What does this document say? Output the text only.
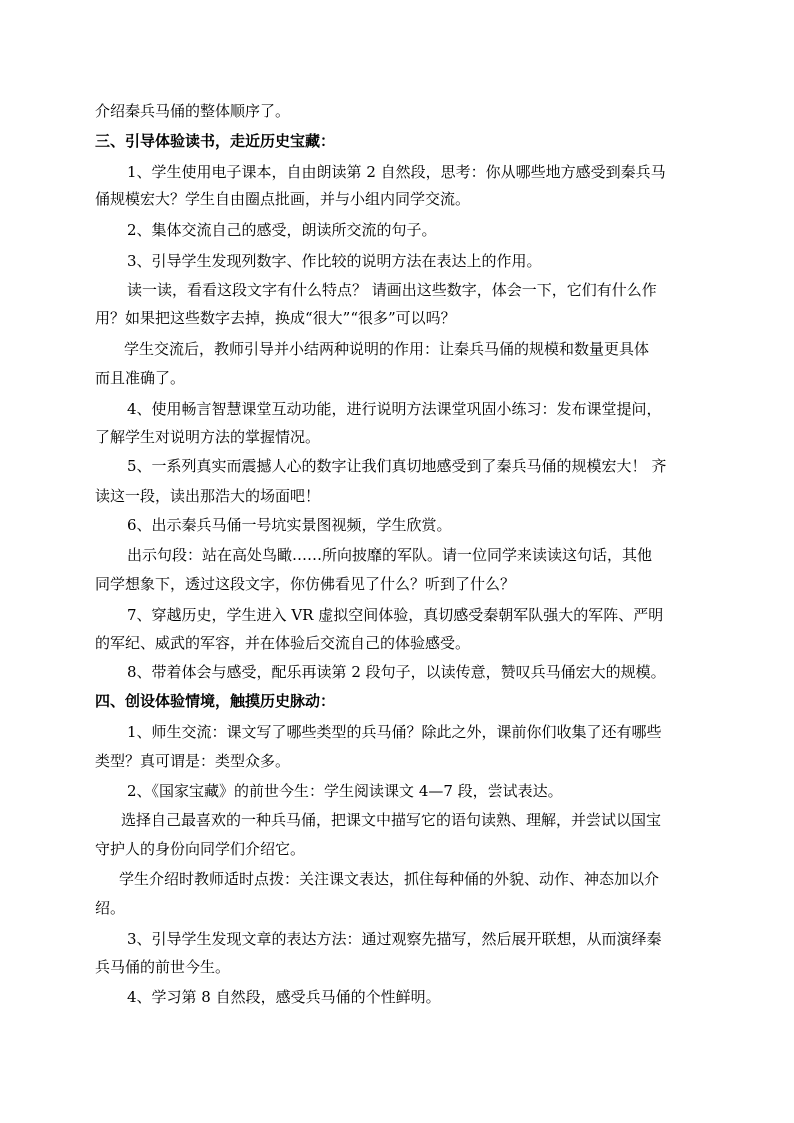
介绍秦兵马俑的整体顺序了。
三、引导体验读书，走近历史宝藏：
1、学生使用电子课本，自由朗读第 2 自然段，思考：你从哪些地方感受到秦兵马
俑规模宏大？学生自由圈点批画，并与小组内同学交流。
2、集体交流自己的感受，朗读所交流的句子。
3、引导学生发现列数字、作比较的说明方法在表达上的作用。
读一读，看看这段文字有什么特点？ 请画出这些数字，体会一下，它们有什么作
用？如果把这些数字去掉，换成“很大”“很多”可以吗？
学生交流后，教师引导并小结两种说明的作用：让秦兵马俑的规模和数量更具体
而且准确了。
4、使用畅言智慧课堂互动功能，进行说明方法课堂巩固小练习：发布课堂提问，
了解学生对说明方法的掌握情况。
5、一系列真实而震撼人心的数字让我们真切地感受到了秦兵马俑的规模宏大！ 齐
读这一段，读出那浩大的场面吧！
6、出示秦兵马俑一号坑实景图视频，学生欣赏。
出示句段：站在高处鸟瞰……所向披靡的军队。请一位同学来读读这句话，其他
同学想象下，透过这段文字，你仿佛看见了什么？听到了什么？
7、穿越历史，学生进入 VR 虚拟空间体验，真切感受秦朝军队强大的军阵、严明
的军纪、威武的军容，并在体验后交流自己的体验感受。
8、带着体会与感受，配乐再读第 2 段句子，以读传意，赞叹兵马俑宏大的规模。
四、创设体验情境，触摸历史脉动：
1、师生交流：课文写了哪些类型的兵马俑？除此之外，课前你们收集了还有哪些
类型？真可谓是：类型众多。
2、《国家宝藏》的前世今生：学生阅读课文 4—7 段，尝试表达。
选择自己最喜欢的一种兵马俑，把课文中描写它的语句读熟、理解，并尝试以国宝
守护人的身份向同学们介绍它。
学生介绍时教师适时点拨：关注课文表达，抓住每种俑的外貌、动作、神态加以介
绍。
3、引导学生发现文章的表达方法：通过观察先描写，然后展开联想，从而演绎秦
兵马俑的前世今生。
4、学习第 8 自然段，感受兵马俑的个性鲜明。
